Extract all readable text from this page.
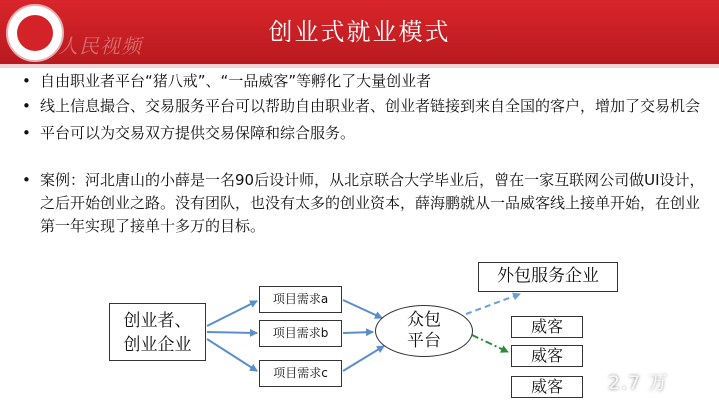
人民视频	创业式就业模式
• 自由职业者平台“猪八戒”、“一品威客”等孵化了大量创业者
• 线上信息撮合、交易服务平台可以帮助自由职业者、创业者链接到来自全国的客户，增加了交易机会
• 平台可以为交易双方提供交易保障和综合服务。
• 案例：河北唐山的小薛是一名90后设计师，从北京联合大学毕业后，曾在一家互联网公司做UI设计，之后开始创业之路。没有团队，也没有太多的创业资本，薛海鹏就从一品威客线上接单开始，在创业第一年实现了接单十多万的目标。
创业者、
创业企业
项目需求a
项目需求b
项目需求c
众包
平台
外包服务企业
威客
威客
威客	2.7 万
